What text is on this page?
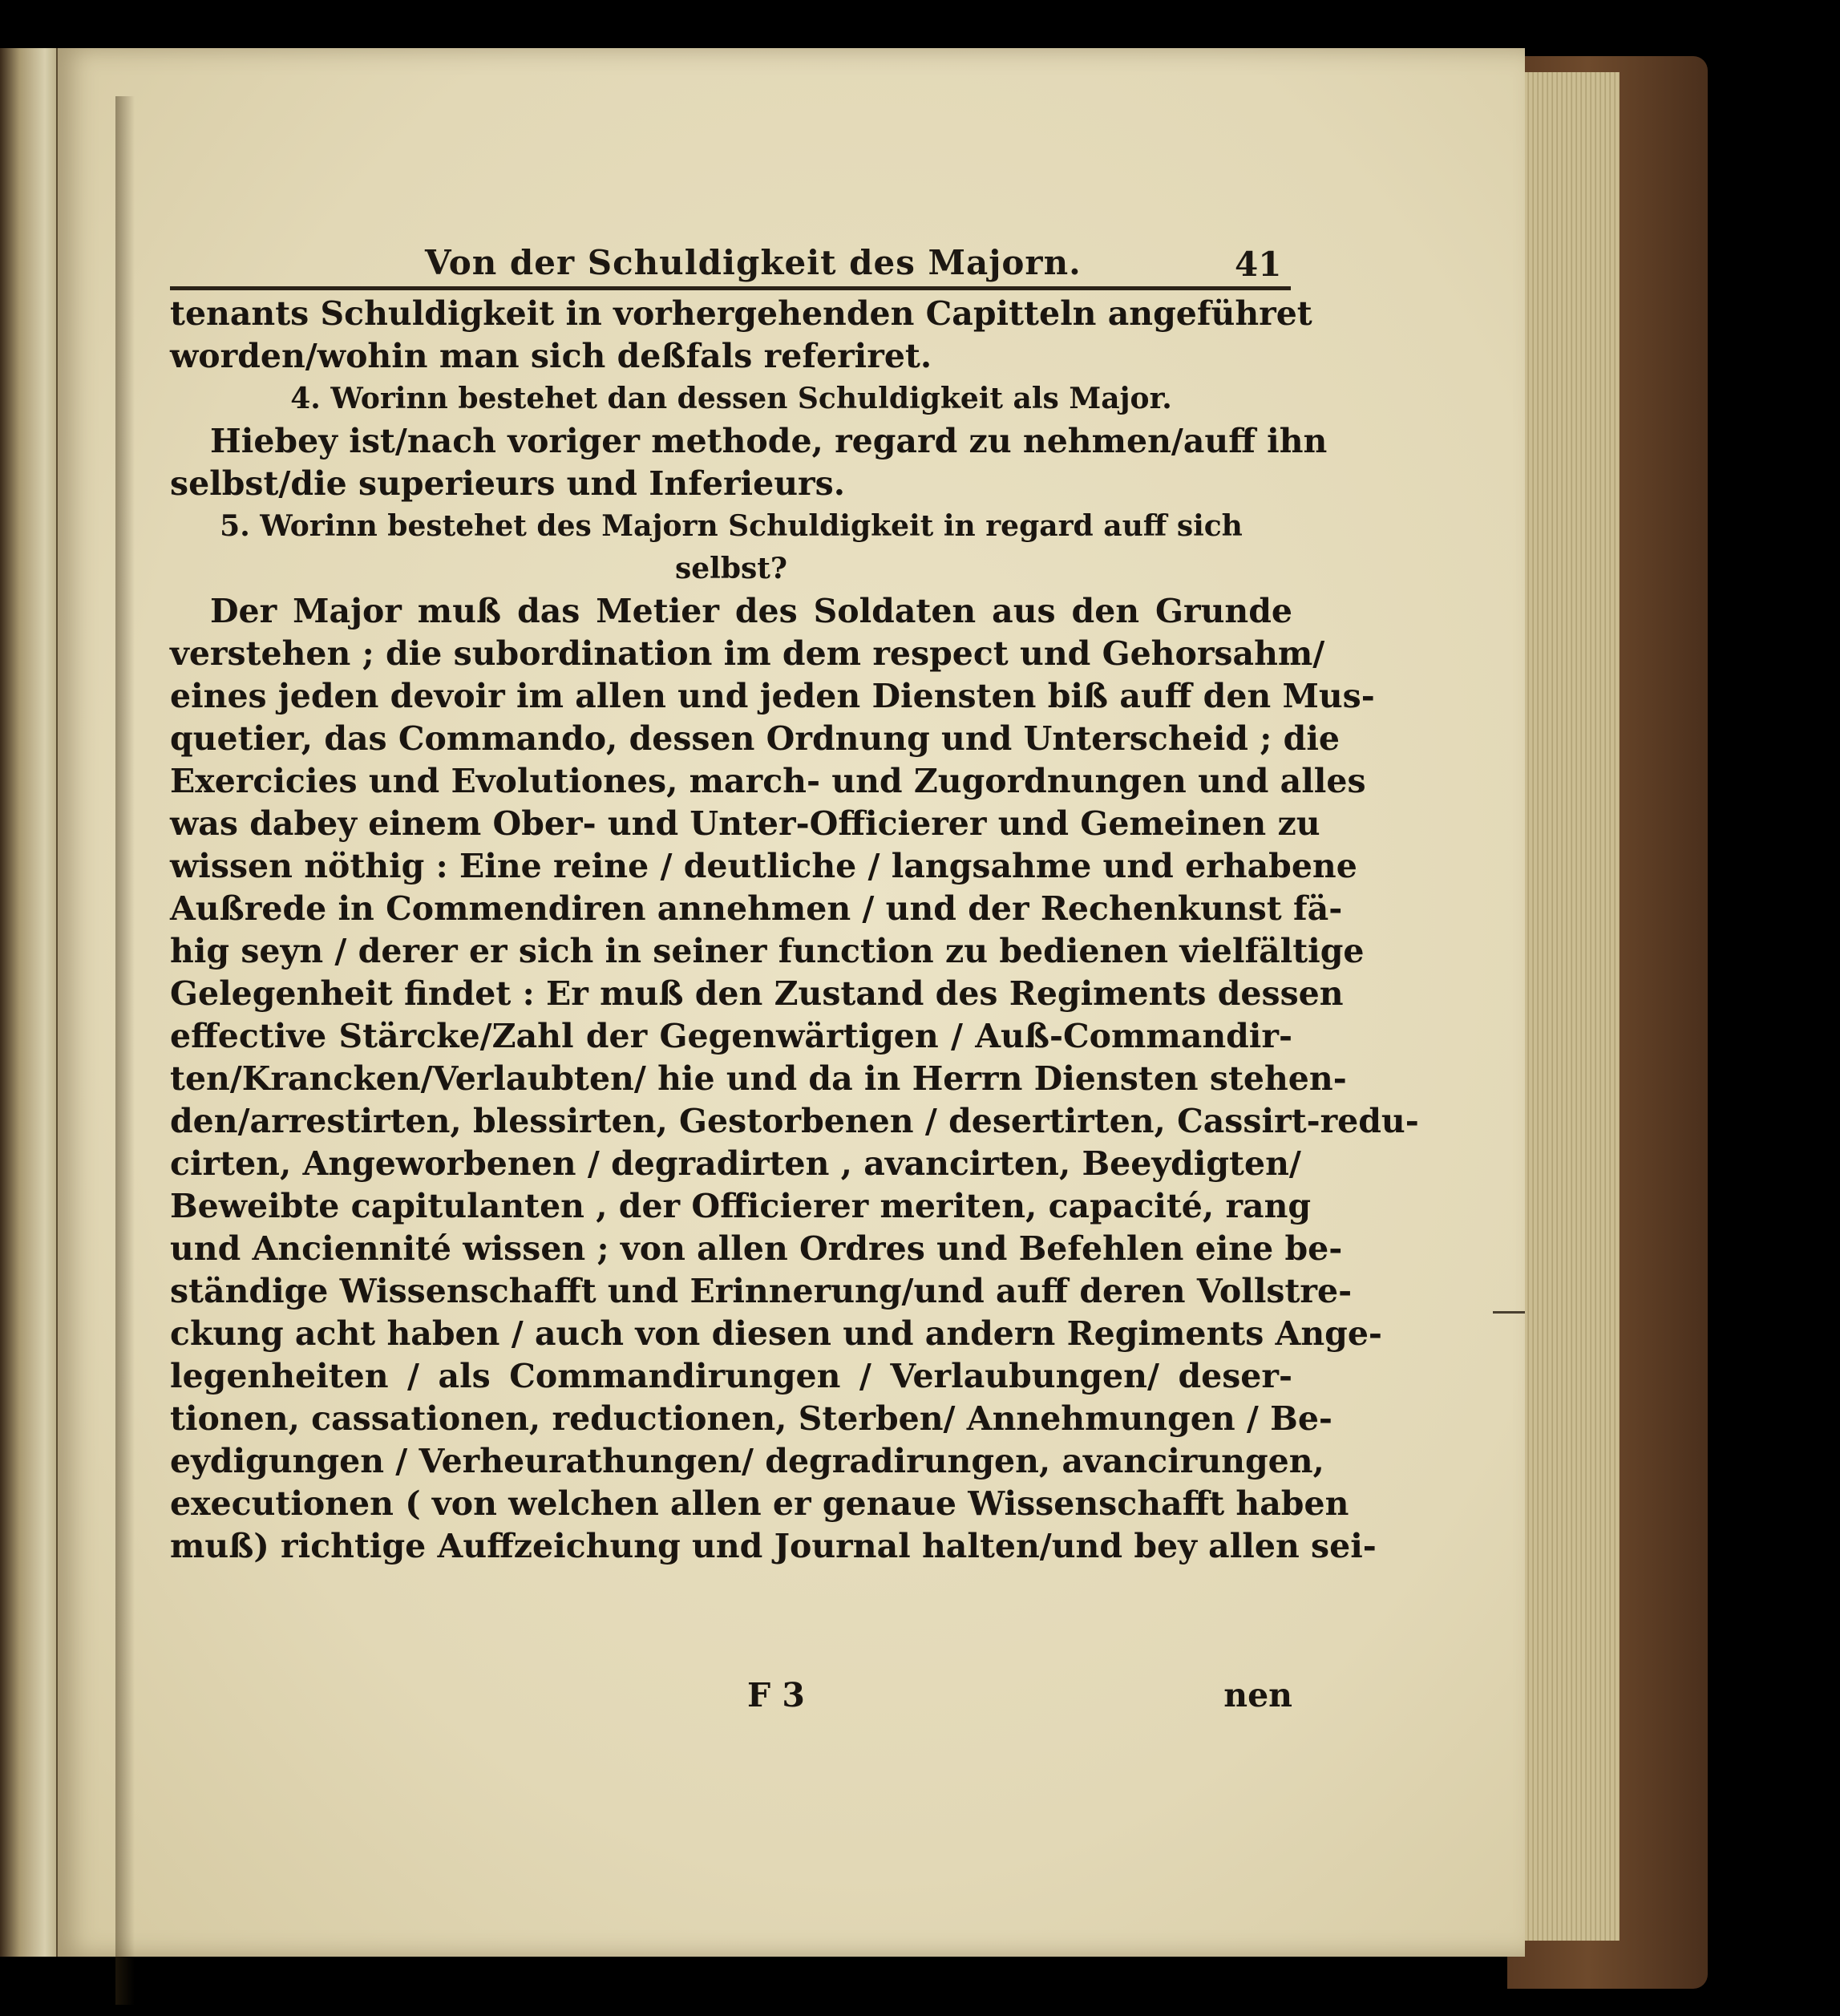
Von der Schuldigkeit des Majorn.	41
tenants Schuldigkeit in vorhergehenden Capitteln angeführet
worden/wohin man sich deßfals referiret.
4. Worinn bestehet dan dessen Schuldigkeit als Major.
Hiebey ist/nach voriger methode, regard zu nehmen/auff ihn
selbst/die superieurs und Inferieurs.
5. Worinn bestehet des Majorn Schuldigkeit in regard auff sich
selbst?
Der Major muß das Metier des Soldaten aus den Grunde
verstehen ; die subordination im dem respect und Gehorsahm/
eines jeden devoir im allen und jeden Diensten biß auff den Mus-
quetier, das Commando, dessen Ordnung und Unterscheid ; die
Exercicies und Evolutiones, march- und Zugordnungen und alles
was dabey einem Ober- und Unter-Officierer und Gemeinen zu
wissen nöthig : Eine reine / deutliche / langsahme und erhabene
Außrede in Commendiren annehmen / und der Rechenkunst fä-
hig seyn / derer er sich in seiner function zu bedienen vielfältige
Gelegenheit findet : Er muß den Zustand des Regiments dessen
effective Stärcke/Zahl der Gegenwärtigen / Auß-Commandir-
ten/Krancken/Verlaubten/ hie und da in Herrn Diensten stehen-
den/arrestirten, blessirten, Gestorbenen / desertirten, Cassirt-redu-
cirten, Angeworbenen / degradirten , avancirten, Beeydigten/
Beweibte capitulanten , der Officierer meriten, capacité, rang
und Anciennité wissen ; von allen Ordres und Befehlen eine be-
ständige Wissenschafft und Erinnerung/und auff deren Vollstre-
ckung acht haben / auch von diesen und andern Regiments Ange-
legenheiten / als Commandirungen / Verlaubungen/ deser-
tionen, cassationen, reductionen, Sterben/ Annehmungen / Be-
eydigungen / Verheurathungen/ degradirungen, avancirungen,
executionen ( von welchen allen er genaue Wissenschafft haben
muß) richtige Auffzeichung und Journal halten/und bey allen sei-
F 3	nen
